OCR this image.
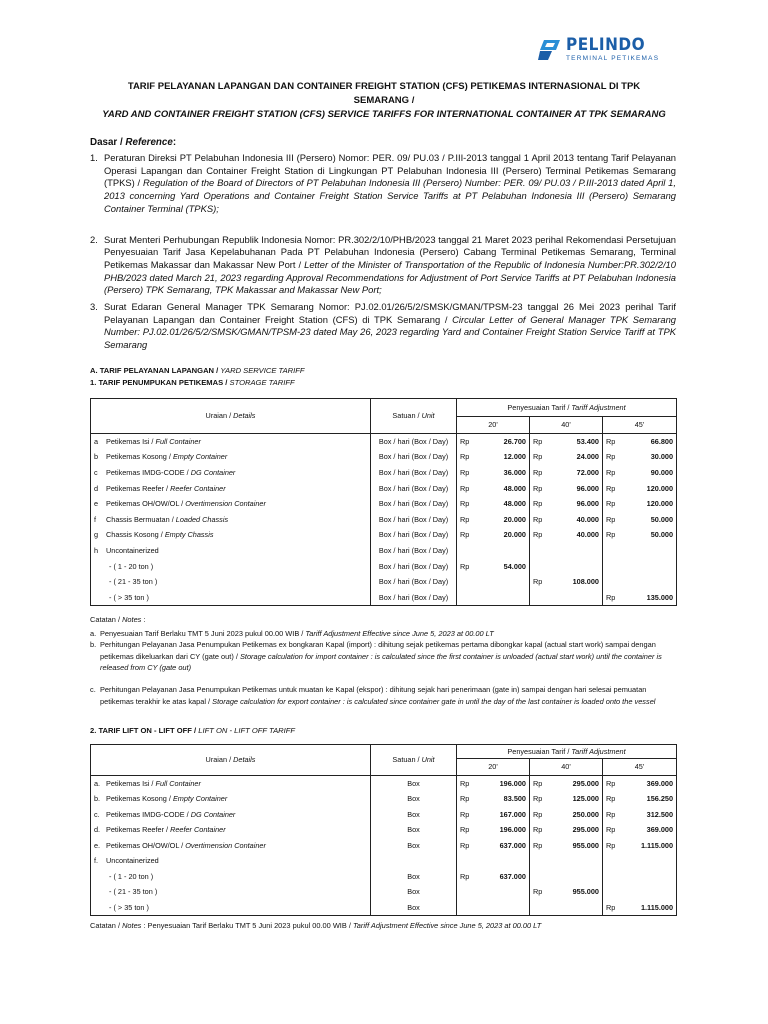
PELINDO
TERMINAL PETIKEMAS
TARIF PELAYANAN LAPANGAN DAN CONTAINER FREIGHT STATION (CFS) PETIKEMAS INTERNASIONAL DI TPK SEMARANG /
YARD AND CONTAINER FREIGHT STATION (CFS) SERVICE TARIFFS FOR INTERNATIONAL CONTAINER AT TPK SEMARANG
Dasar / Reference:
1. Peraturan Direksi PT Pelabuhan Indonesia III (Persero) Nomor: PER. 09/ PU.03 / P.III-2013 tanggal 1 April 2013 tentang Tarif Pelayanan Operasi Lapangan dan Container Freight Station di Lingkungan PT Pelabuhan Indonesia III (Persero) Terminal Petikemas Semarang (TPKS) / Regulation of the Board of Directors of PT Pelabuhan Indonesia III (Persero) Number: PER. 09/ PU.03 / P.III-2013 dated April 1, 2013 concerning Yard Operations and Container Freight Station Service Tariffs at PT Pelabuhan Indonesia III (Persero) Semarang Container Terminal (TPKS);
2. Surat Menteri Perhubungan Republik Indonesia Nomor: PR.302/2/10/PHB/2023 tanggal 21 Maret 2023 perihal Rekomendasi Persetujuan Penyesuaian Tarif Jasa Kepelabuhanan Pada PT Pelabuhan Indonesia (Persero) Cabang Terminal Petikemas Semarang, Terminal Petikemas Makassar dan Makassar New Port / Letter of the Minister of Transportation of the Republic of Indonesia Number:PR.302/2/10 PHB/2023 dated March 21, 2023 regarding Approval Recommendations for Adjustment of Port Service Tariffs at PT Pelabuhan Indonesia (Persero) TPK Semarang, TPK Makassar and Makassar New Port;
3. Surat Edaran General Manager TPK Semarang Nomor: PJ.02.01/26/5/2/SMSK/GMAN/TPSM-23 tanggal 26 Mei 2023 perihal Tarif Pelayanan Lapangan dan Container Freight Station (CFS) di TPK Semarang / Circular Letter of General Manager TPK Semarang Number: PJ.02.01/26/5/2/SMSK/GMAN/TPSM-23 dated May 26, 2023 regarding Yard and Container Freight Station Service Tariff at TPK Semarang
A. TARIF PELAYANAN LAPANGAN / YARD SERVICE TARIFF
1. TARIF PENUMPUKAN PETIKEMAS / STORAGE TARIFF
Uraian / Details	Satuan / Unit	Penyesuaian Tarif / Tariff Adjustment					
		20'		40'		45'	
a Petikemas Isi / Full Container	Box / hari (Box / Day)	Rp	26.700	Rp	53.400	Rp	66.800
b Petikemas Kosong / Empty Container	Box / hari (Box / Day)	Rp	12.000	Rp	24.000	Rp	30.000
c Petikemas IMDG-CODE / DG Container	Box / hari (Box / Day)	Rp	36.000	Rp	72.000	Rp	90.000
d Petikemas Reefer / Reefer Container	Box / hari (Box / Day)	Rp	48.000	Rp	96.000	Rp	120.000
e Petikemas OH/OW/OL / Overtimension Container	Box / hari (Box / Day)	Rp	48.000	Rp	96.000	Rp	120.000
f Chassis Bermuatan / Loaded Chassis	Box / hari (Box / Day)	Rp	20.000	Rp	40.000	Rp	50.000
g Chassis Kosong / Empty Chassis	Box / hari (Box / Day)	Rp	20.000	Rp	40.000	Rp	50.000
h Uncontainerized	Box / hari (Box / Day)						
- ( 1 - 20 ton )	Box / hari (Box / Day)	Rp	54.000				
- ( 21 - 35 ton )	Box / hari (Box / Day)			Rp	108.000		
- ( > 35 ton )	Box / hari (Box / Day)					Rp	135.000
Catatan / Notes :
a. Penyesuaian Tarif Berlaku TMT 5 Juni 2023 pukul 00.00 WIB / Tariff Adjustment Effective since June 5, 2023 at 00.00 LT
b. Perhitungan Pelayanan Jasa Penumpukan Petikemas ex bongkaran Kapal (import) : dihitung sejak petikemas pertama dibongkar kapal (actual start work) sampai dengan petikemas dikeluarkan dari CY (gate out) / Storage calculation for import container : is calculated since the first container is unloaded (actual start work) until the container is released from CY (gate out)
c. Perhitungan Pelayanan Jasa Penumpukan Petikemas untuk muatan ke Kapal (ekspor) : dihitung sejak hari penerimaan (gate in) sampai dengan hari selesai pemuatan petikemas terakhir ke atas kapal / Storage calculation for export container : is calculated since container gate in until the day of the last container is loaded onto the vessel
2. TARIF LIFT ON - LIFT OFF / LIFT ON - LIFT OFF TARIFF
Uraian / Details	Satuan / Unit	Penyesuaian Tarif / Tariff Adjustment					
		20'		40'		45'	
a. Petikemas Isi / Full Container	Box	Rp	196.000	Rp	295.000	Rp	369.000
b. Petikemas Kosong / Empty Container	Box	Rp	83.500	Rp	125.000	Rp	156.250
c. Petikemas IMDG-CODE / DG Container	Box	Rp	167.000	Rp	250.000	Rp	312.500
d. Petikemas Reefer / Reefer Container	Box	Rp	196.000	Rp	295.000	Rp	369.000
e. Petikemas OH/OW/OL / Overtimension Container	Box	Rp	637.000	Rp	955.000	Rp	1.115.000
f. Uncontainerized							
- ( 1 - 20 ton )	Box	Rp	637.000				
- ( 21 - 35 ton )	Box			Rp	955.000		
- ( > 35 ton )	Box					Rp	1.115.000
Catatan / Notes : Penyesuaian Tarif Berlaku TMT 5 Juni 2023 pukul 00.00 WIB / Tariff Adjustment Effective since June 5, 2023 at 00.00 LT
